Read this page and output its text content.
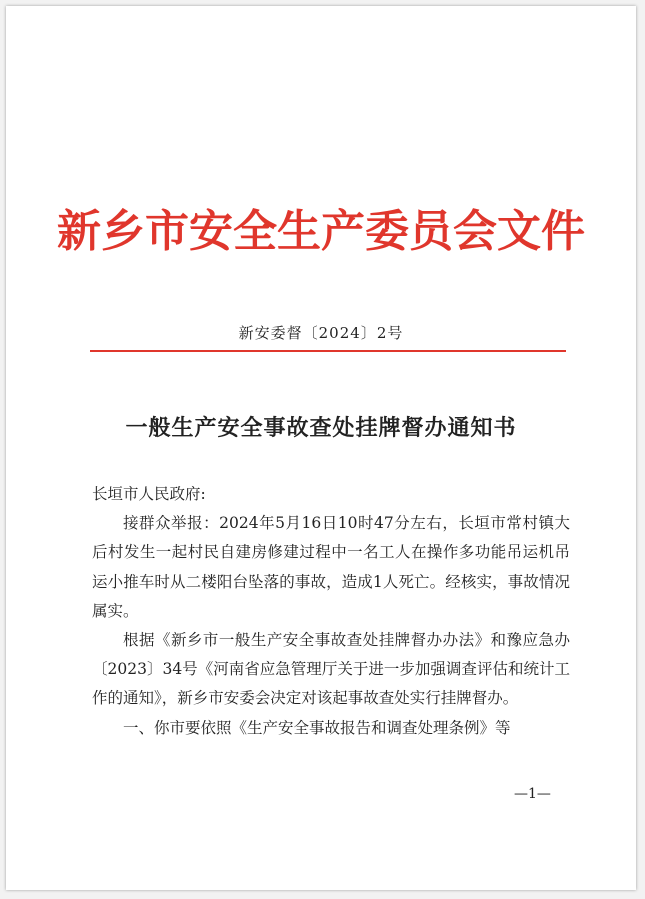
新乡市安全生产委员会文件
新安委督〔2024〕2号
一般生产安全事故查处挂牌督办通知书

长垣市人民政府:

接群众举报：2024年5月16日10时47分左右，长垣市常村镇大后村发生一起村民自建房修建过程中一名工人在操作多功能吊运机吊运小推车时从二楼阳台坠落的事故，造成1人死亡。经核实，事故情况属实。

根据《新乡市一般生产安全事故查处挂牌督办办法》和豫应急办〔2023〕34号《河南省应急管理厅关于进一步加强调查评估和统计工作的通知》，新乡市安委会决定对该起事故查处实行挂牌督办。

一、你市要依照《生产安全事故报告和调查处理条例》等

—1—
